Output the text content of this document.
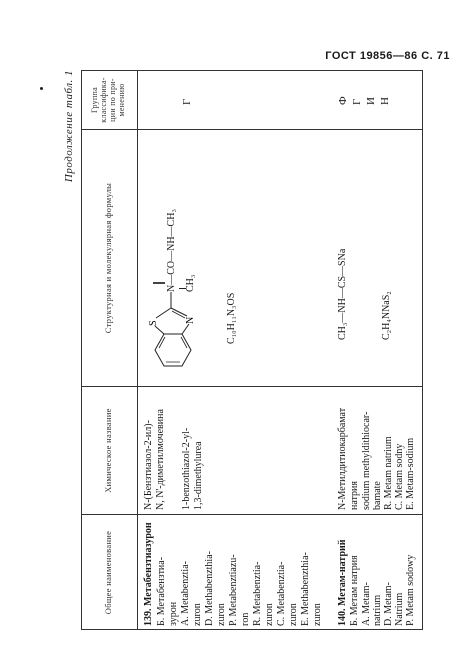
ГОСТ 19856—86 С. 71
Продолжение табл. 1
Общее наименование
Химическое название
Структурная и молекулярная формулы
Группа классифика-ции по при-менению
139. Метабензтиазурон Б. Метабензтиа- зурон А. Metabenztia- zuron D. Methabenzthia- zuron P. Metabenztiazu- ron R. Metabenztia- zuron C. Metabenztia- zuron E. Methabenzthia- zuron
N-(Бензтиазол-2-ил)- N, N'-диметилмочевина 1-benzothiazol-2-yl- 1,3-dimethylurea
S	N
N—CO—NH—CH₃ CH₃
C₁₀H₁₁N₃OS
Г
140. Метам-натрий Б. Метам натрия А. Metam- natrium D. Metam- Natrium P. Metam sodowy
R. Metam natrium C. Metam sodny E. Metam-sodium
N-Метилдитиокарбамат натрия sodium methyldithiocar- bamate
CH₃—NH—CS—SNa	C₂H₄NNaS₂
Ф Г И Н
